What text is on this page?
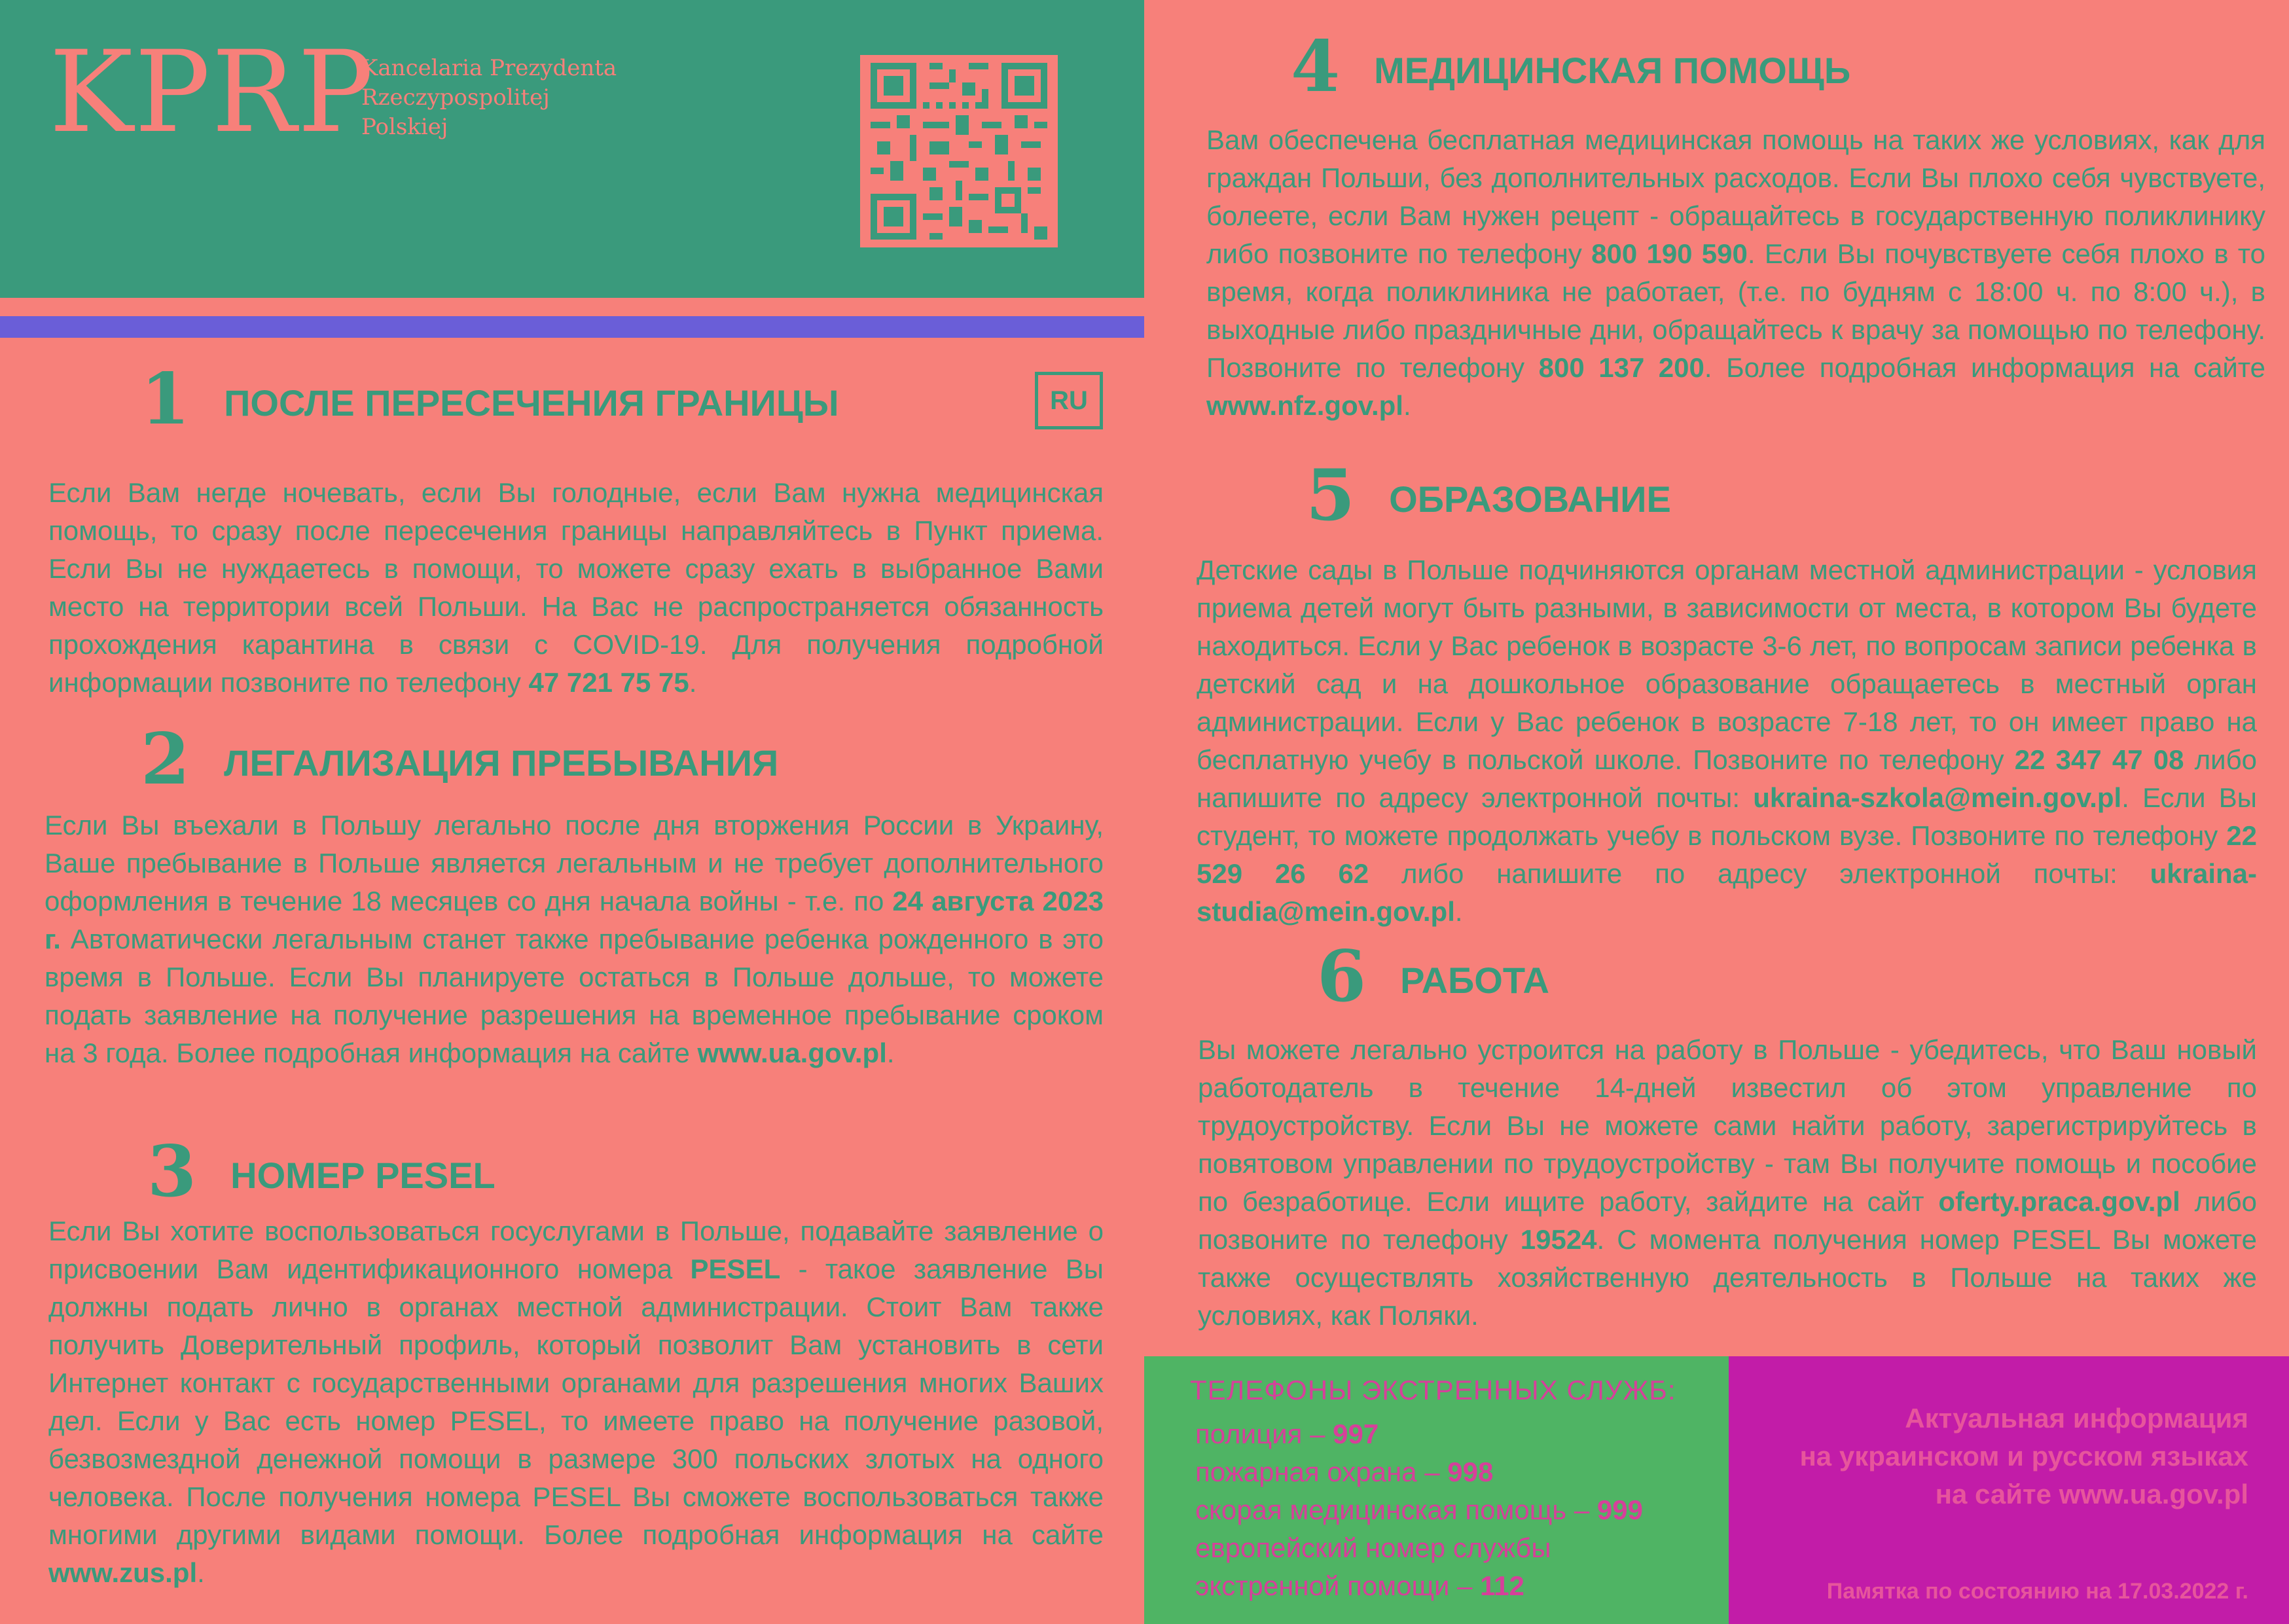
KPRP
Kancelaria Prezydenta
Rzeczypospolitej
Polskiej
RU
1 ПОСЛЕ ПЕРЕСЕЧЕНИЯ ГРАНИЦЫ

Если Вам негде ночевать, если Вы голодные, если Вам нужна медицинская помощь, то сразу после пересечения границы направляйтесь в Пункт приема. Если Вы не нуждаетесь в помощи, то можете сразу ехать в выбранное Вами место на территории всей Польши. На Вас не распространяется обязанность прохождения карантина в связи с COVID-19. Для получения подробной информации позвоните по телефону 47 721 75 75.

2 ЛЕГАЛИЗАЦИЯ ПРЕБЫВАНИЯ

Если Вы въехали в Польшу легально после дня вторжения России в Украину, Ваше пребывание в Польше является легальным и не требует дополнительного оформления в течение 18 месяцев со дня начала войны - т.е. по 24 августа 2023 г. Автоматически легальным станет также пребывание ребенка рожденного в это время в Польше. Если Вы планируете остаться в Польше дольше, то можете подать заявление на получение разрешения на временное пребывание сроком на 3 года. Более подробная информация на сайте www.ua.gov.pl.

3 НОМЕР PESEL

Если Вы хотите воспользоваться госуслугами в Польше, подавайте заявление о присвоении Вам идентификационного номера PESEL - такое заявление Вы должны подать лично в органах местной администрации. Стоит Вам также получить Доверительный профиль, который позволит Вам установить в сети Интернет контакт с государственными органами для разрешения многих Ваших дел. Если у Вас есть номер PESEL, то имеете право на получение разовой, безвозмездной денежной помощи в размере 300 польских злотых на одного человека. После получения номера PESEL Вы сможете воспользоваться также многими другими видами помощи. Более подробная информация на сайте www.zus.pl.

4 МЕДИЦИНСКАЯ ПОМОЩЬ

Вам обеспечена бесплатная медицинская помощь на таких же условиях, как для граждан Польши, без дополнительных расходов. Если Вы плохо себя чувствуете, болеете, если Вам нужен рецепт - обращайтесь в государственную поликлинику либо позвоните по телефону 800 190 590. Если Вы почувствуете себя плохо в то время, когда поликлиника не работает, (т.е. по будням с 18:00 ч. по 8:00 ч.), в выходные либо праздничные дни, обращайтесь к врачу за помощью по телефону. Позвоните по телефону 800 137 200. Более подробная информация на сайте www.nfz.gov.pl.

5 ОБРАЗОВАНИЕ

Детские сады в Польше подчиняются органам местной администрации - условия приема детей могут быть разными, в зависимости от места, в котором Вы будете находиться. Если у Вас ребенок в возрасте 3-6 лет, по вопросам записи ребенка в детский сад и на дошкольное образование обращаетесь в местный орган администрации. Если у Вас ребенок в возрасте 7-18 лет, то он имеет право на бесплатную учебу в польской школе. Позвоните по телефону 22 347 47 08 либо напишите по адресу электронной почты: ukraina-szkola@mein.gov.pl. Если Вы студент, то можете продолжать учебу в польском вузе. Позвоните по телефону 22 529 26 62 либо напишите по адресу электронной почты: ukraina-studia@mein.gov.pl.

6 РАБОТА

Вы можете легально устроится на работу в Польше - убедитесь, что Ваш новый работодатель в течение 14-дней известил об этом управление по трудоустройству. Если Вы не можете сами найти работу, зарегистрируйтесь в повятовом управлении по трудоустройству - там Вы получите помощь и пособие по безработице. Если ищите работу, зайдите на сайт oferty.praca.gov.pl либо позвоните по телефону 19524. С момента получения номер PESEL Вы можете также осуществлять хозяйственную деятельность в Польше на таких же условиях, как Поляки.

ТЕЛЕФОНЫ ЭКСТРЕННЫХ СЛУЖБ:
полиция – 997
пожарная охрана – 998
скорая медицинская помощь – 999
европейский номер службы
экстренной помощи – 112
Актуальная информация
на украинском и русском языках
на сайте www.ua.gov.pl
Памятка по состоянию на 17.03.2022 г.
